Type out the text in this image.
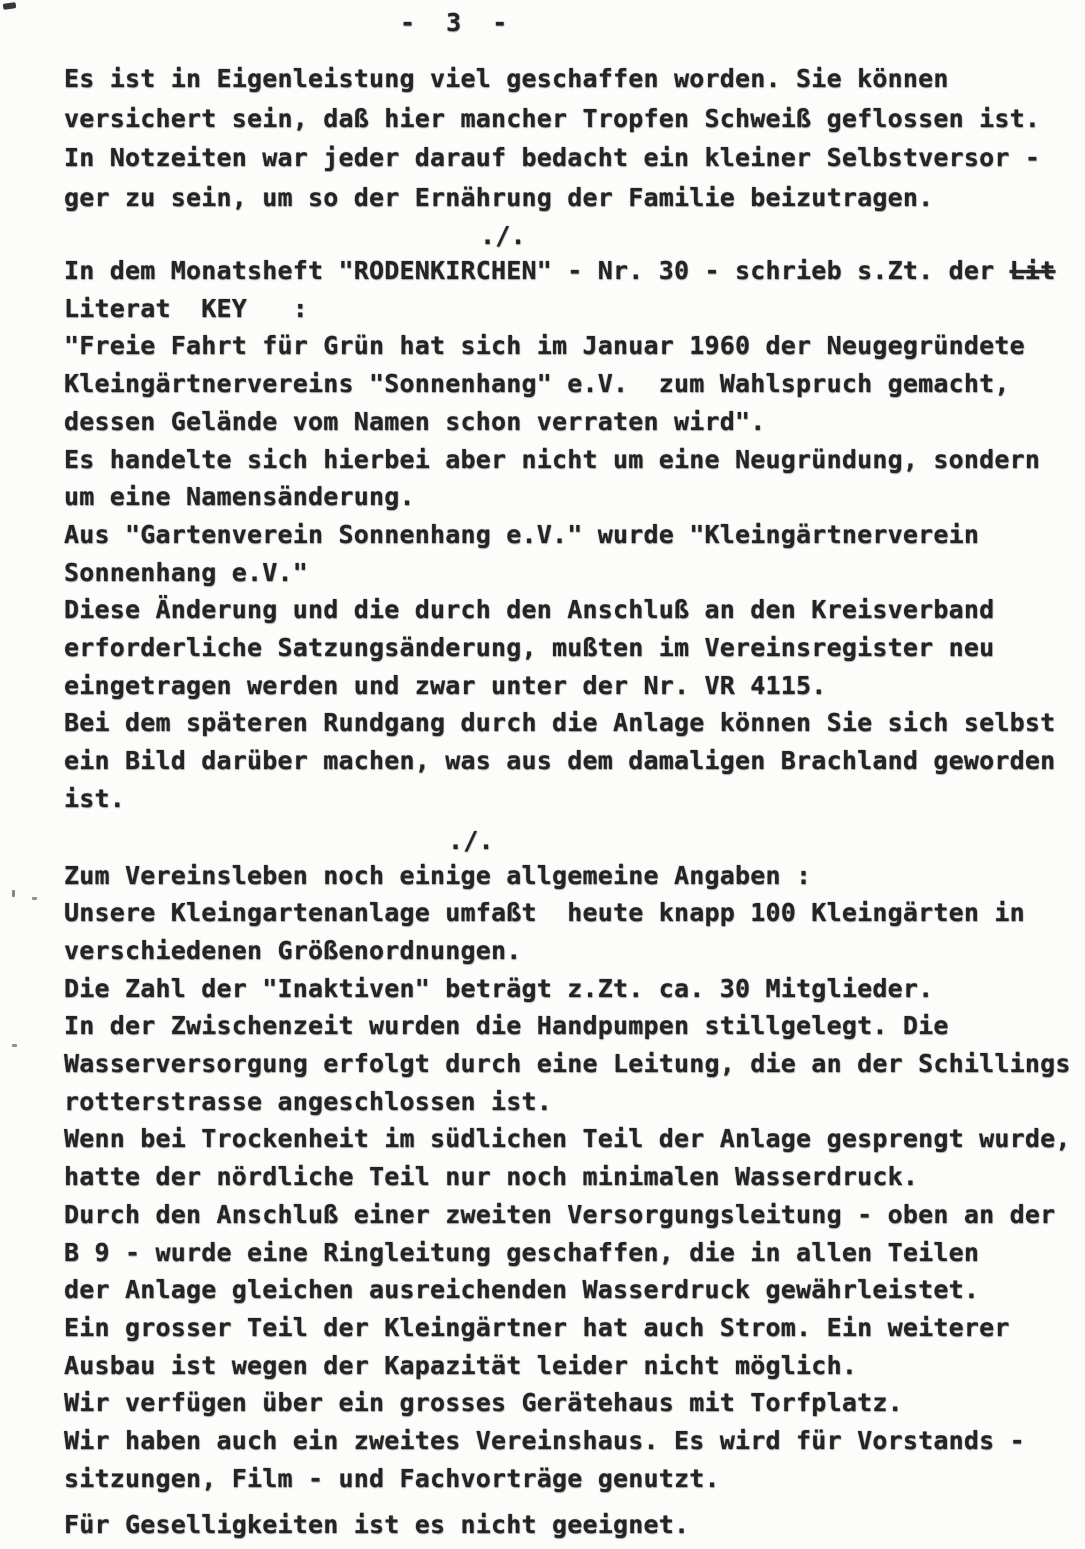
- 3 -
Es ist in Eigenleistung viel geschaffen worden. Sie können
versichert sein, daß hier mancher Tropfen Schweiß geflossen ist.
In Notzeiten war jeder darauf bedacht ein kleiner Selbstversor -
ger zu sein, um so der Ernährung der Familie beizutragen.
./.
In dem Monatsheft "RODENKIRCHEN" - Nr. 30 - schrieb s.Zt. der Lit
Literat  KEY   :
"Freie Fahrt für Grün hat sich im Januar 1960 der Neugegründete
Kleingärtnervereins "Sonnenhang" e.V.  zum Wahlspruch gemacht,
dessen Gelände vom Namen schon verraten wird".
Es handelte sich hierbei aber nicht um eine Neugründung, sondern
um eine Namensänderung.
Aus "Gartenverein Sonnenhang e.V." wurde "Kleingärtnerverein
Sonnenhang e.V."
Diese Änderung und die durch den Anschluß an den Kreisverband
erforderliche Satzungsänderung, mußten im Vereinsregister neu
eingetragen werden und zwar unter der Nr. VR 4115.
Bei dem späteren Rundgang durch die Anlage können Sie sich selbst
ein Bild darüber machen, was aus dem damaligen Brachland geworden
ist.
./.
Zum Vereinsleben noch einige allgemeine Angaben :
Unsere Kleingartenanlage umfaßt  heute knapp 100 Kleingärten in
verschiedenen Größenordnungen.
Die Zahl der "Inaktiven" beträgt z.Zt. ca. 30 Mitglieder.
In der Zwischenzeit wurden die Handpumpen stillgelegt. Die
Wasserversorgung erfolgt durch eine Leitung, die an der Schillings
rotterstrasse angeschlossen ist.
Wenn bei Trockenheit im südlichen Teil der Anlage gesprengt wurde,
hatte der nördliche Teil nur noch minimalen Wasserdruck.
Durch den Anschluß einer zweiten Versorgungsleitung - oben an der
B 9 - wurde eine Ringleitung geschaffen, die in allen Teilen
der Anlage gleichen ausreichenden Wasserdruck gewährleistet.
Ein grosser Teil der Kleingärtner hat auch Strom. Ein weiterer
Ausbau ist wegen der Kapazität leider nicht möglich.
Wir verfügen über ein grosses Gerätehaus mit Torfplatz.
Wir haben auch ein zweites Vereinshaus. Es wird für Vorstands -
sitzungen, Film - und Fachvorträge genutzt.
Für Geselligkeiten ist es nicht geeignet.
